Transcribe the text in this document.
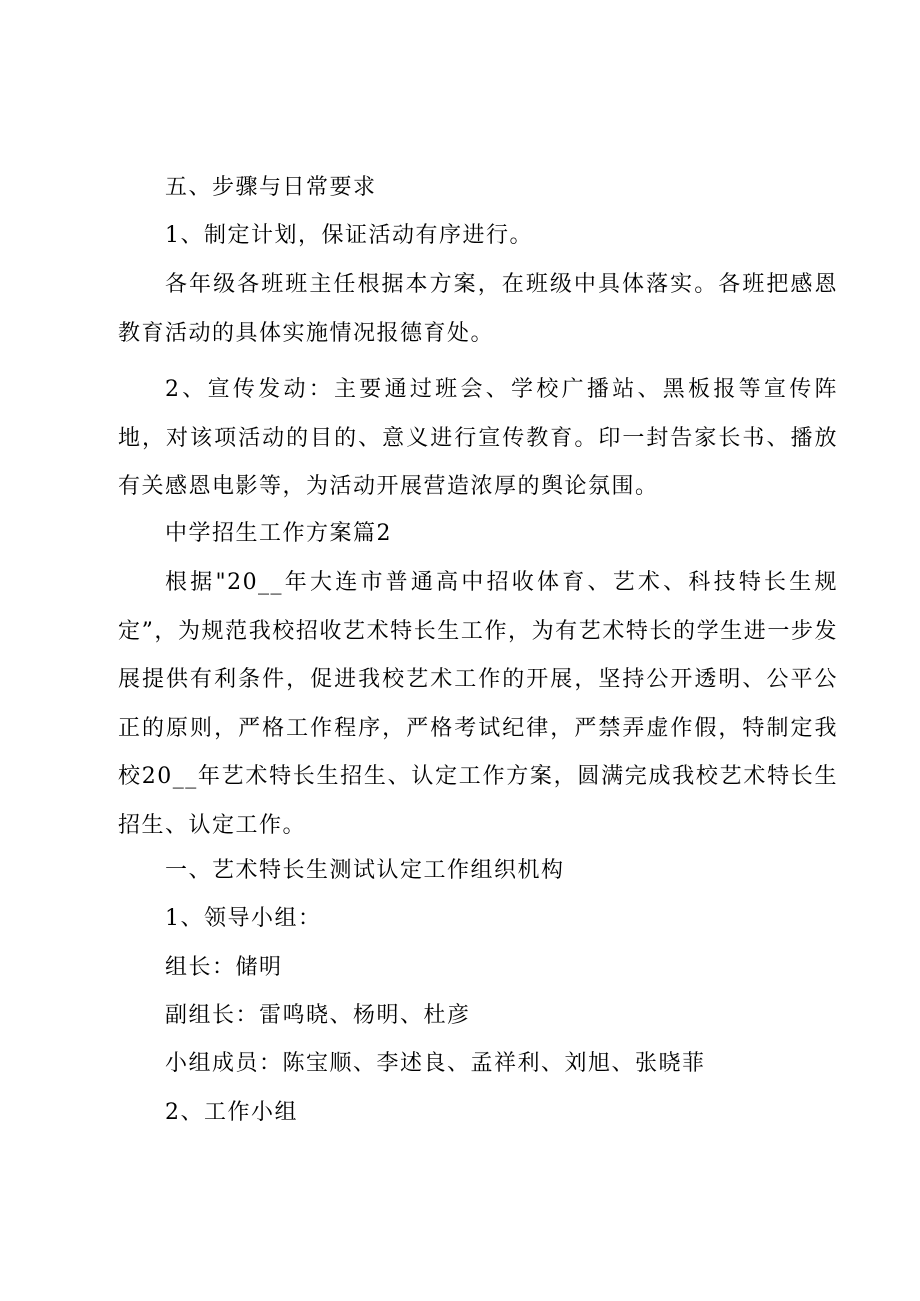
五、步骤与日常要求

1、制定计划，保证活动有序进行。

各年级各班班主任根据本方案，在班级中具体落实。各班把感恩教育活动的具体实施情况报德育处。

2、宣传发动：主要通过班会、学校广播站、黑板报等宣传阵地，对该项活动的目的、意义进行宣传教育。印一封告家长书、播放有关感恩电影等，为活动开展营造浓厚的舆论氛围。

中学招生工作方案篇2

根据"20__年大连市普通高中招收体育、艺术、科技特长生规定”，为规范我校招收艺术特长生工作，为有艺术特长的学生进一步发展提供有利条件，促进我校艺术工作的开展，坚持公开透明、公平公正的原则，严格工作程序，严格考试纪律，严禁弄虚作假，特制定我校20__年艺术特长生招生、认定工作方案，圆满完成我校艺术特长生招生、认定工作。

一、艺术特长生测试认定工作组织机构

1、领导小组：

组长：储明

副组长：雷鸣晓、杨明、杜彦

小组成员：陈宝顺、李述良、孟祥利、刘旭、张晓菲

2、工作小组
